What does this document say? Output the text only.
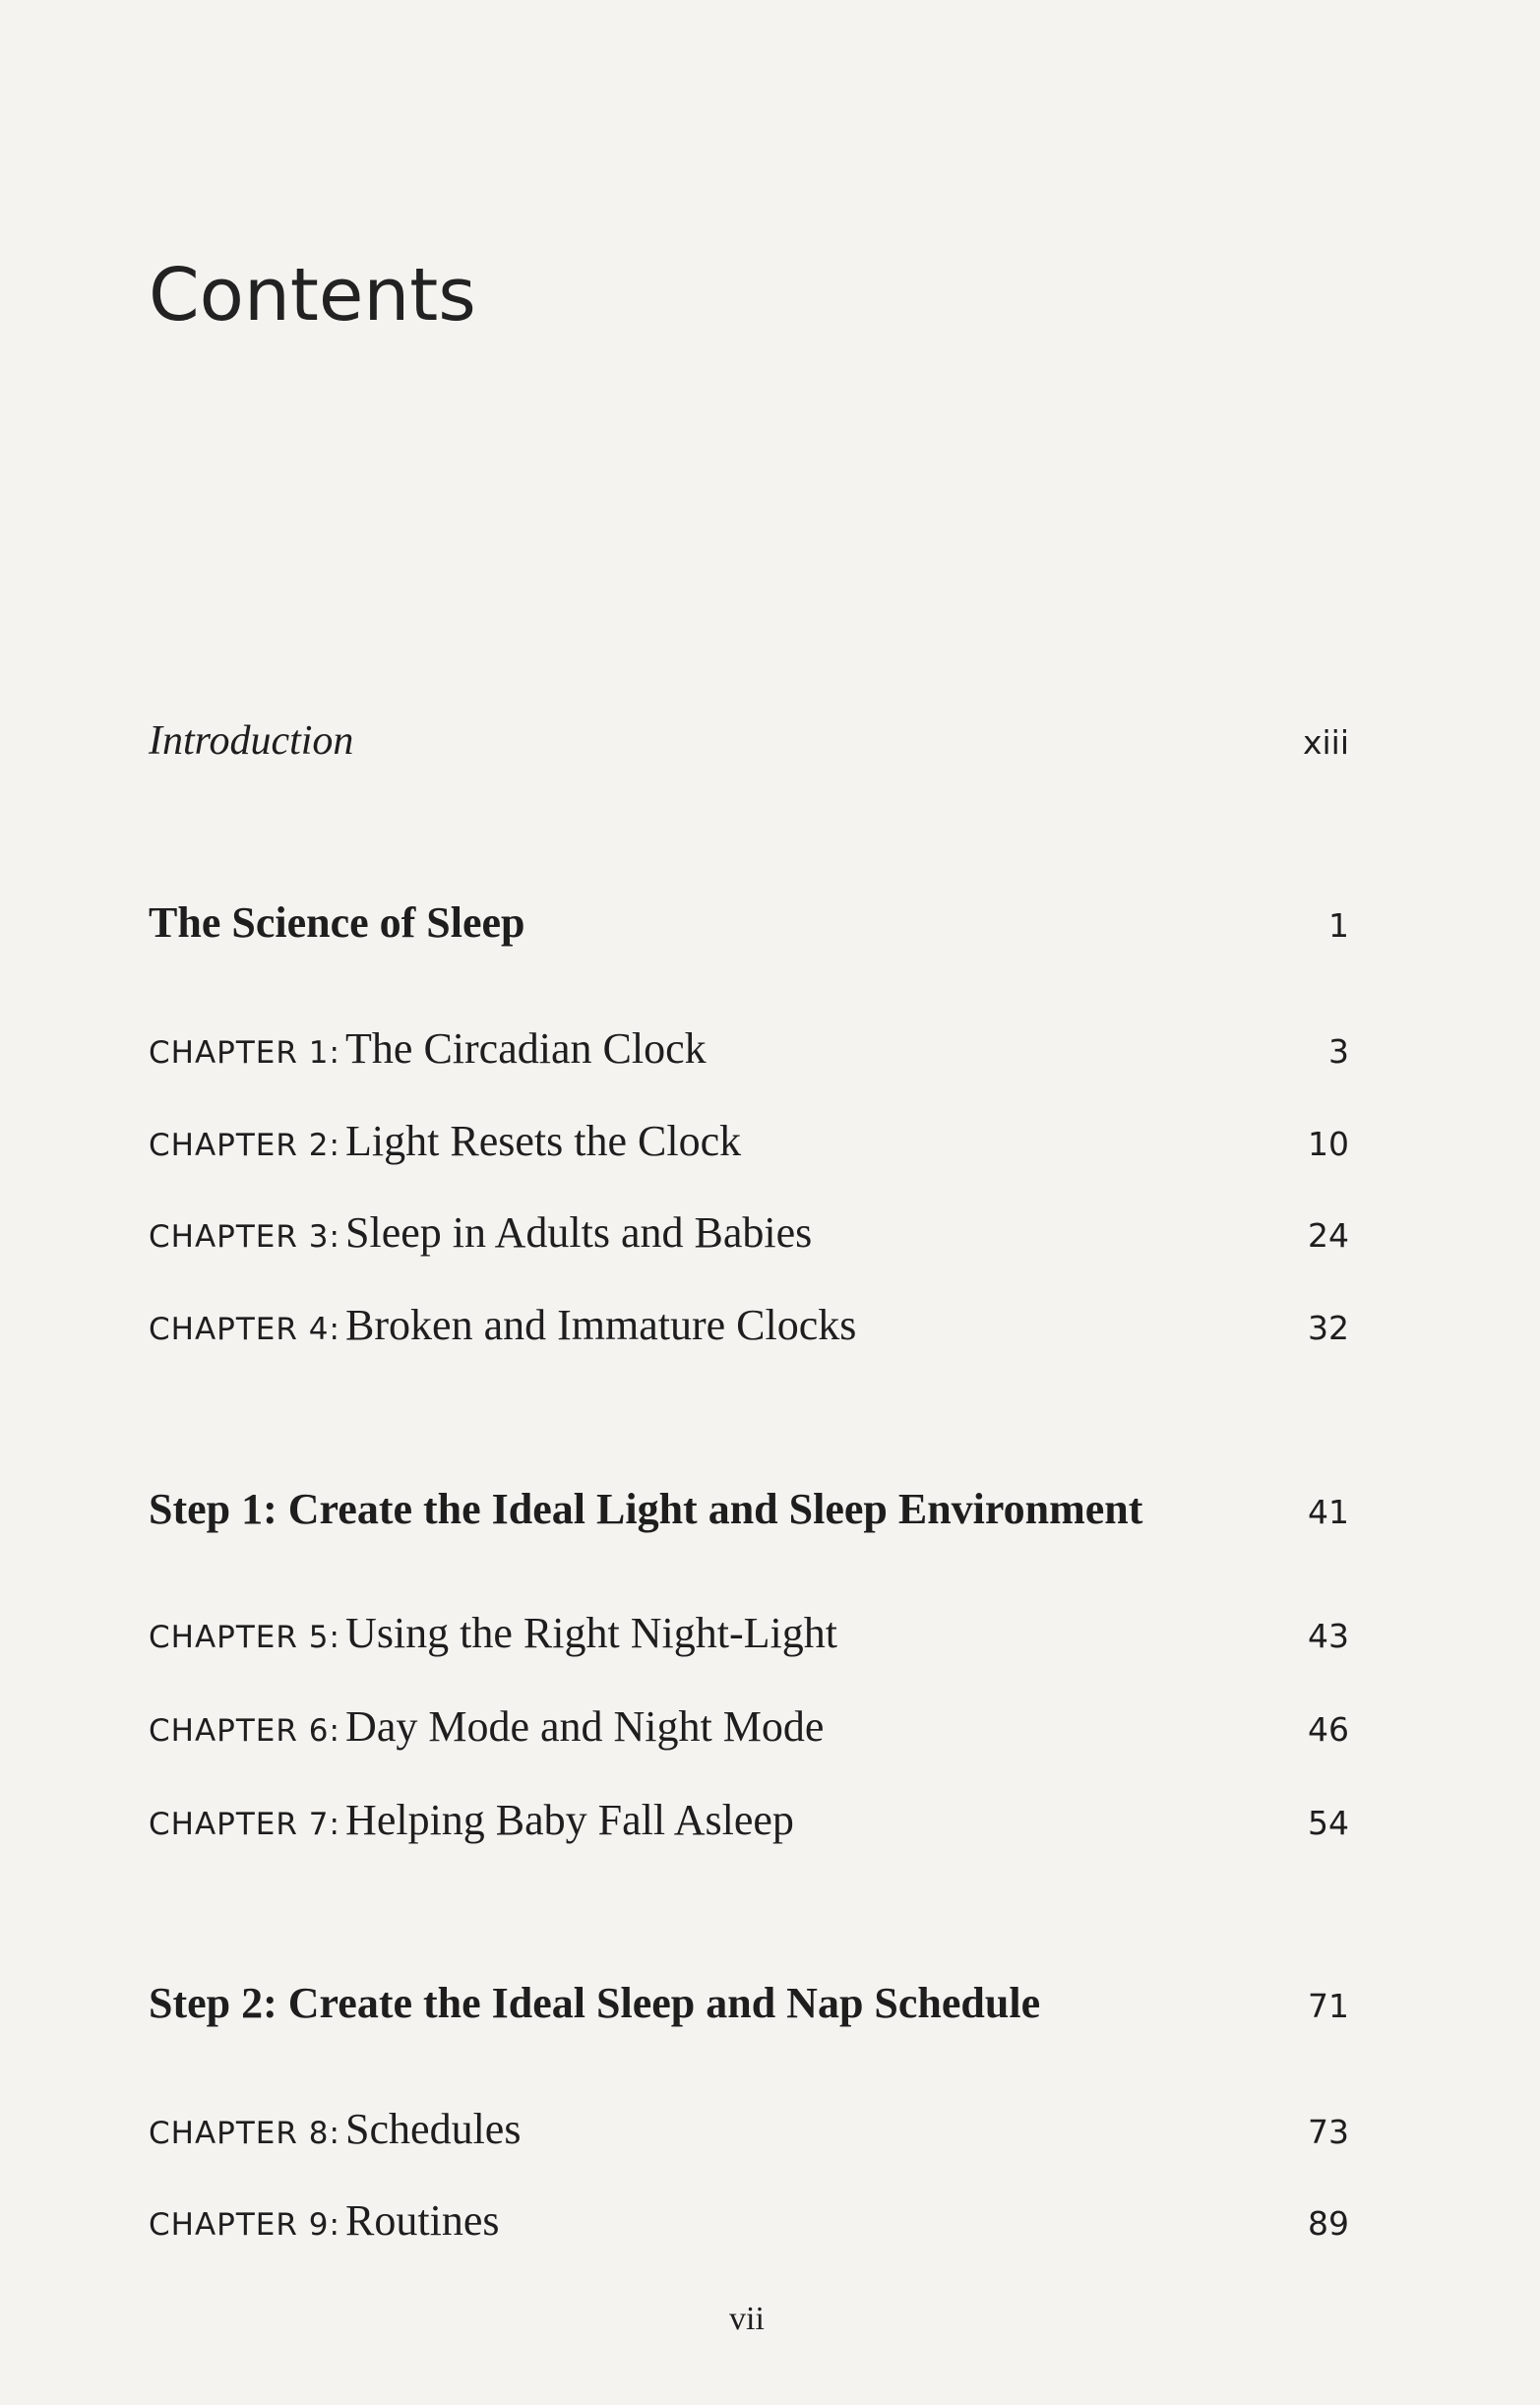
Contents
Introduction	xiii
The Science of Sleep	1
CHAPTER 1: The Circadian Clock	3
CHAPTER 2: Light Resets the Clock	10
CHAPTER 3: Sleep in Adults and Babies	24
CHAPTER 4: Broken and Immature Clocks	32
Step 1: Create the Ideal Light and Sleep Environment	41
CHAPTER 5: Using the Right Night-Light	43
CHAPTER 6: Day Mode and Night Mode	46
CHAPTER 7: Helping Baby Fall Asleep	54
Step 2: Create the Ideal Sleep and Nap Schedule	71
CHAPTER 8: Schedules	73
CHAPTER 9: Routines	89
vii
